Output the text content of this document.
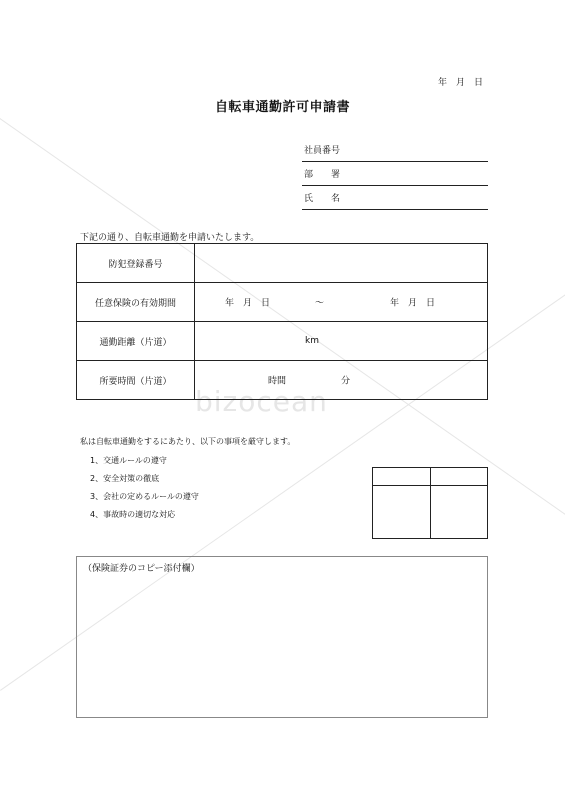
bizocean
年　月　日
自転車通勤許可申請書
社員番号
部　　署
氏　　名
下記の通り、自転車通勤を申請いたします。
防犯登録番号	
任意保険の有効期間	年　月　日 ～ 年　月　日

通勤距離（片道）	km

所要時間（片道）	時間 分
私は自転車通勤をするにあたり、以下の事項を厳守します。
1、交通ルールの遵守
2、安全対策の徹底
3、会社の定めるルールの遵守
4、事故時の適切な対応

（保険証券のコピー添付欄）
